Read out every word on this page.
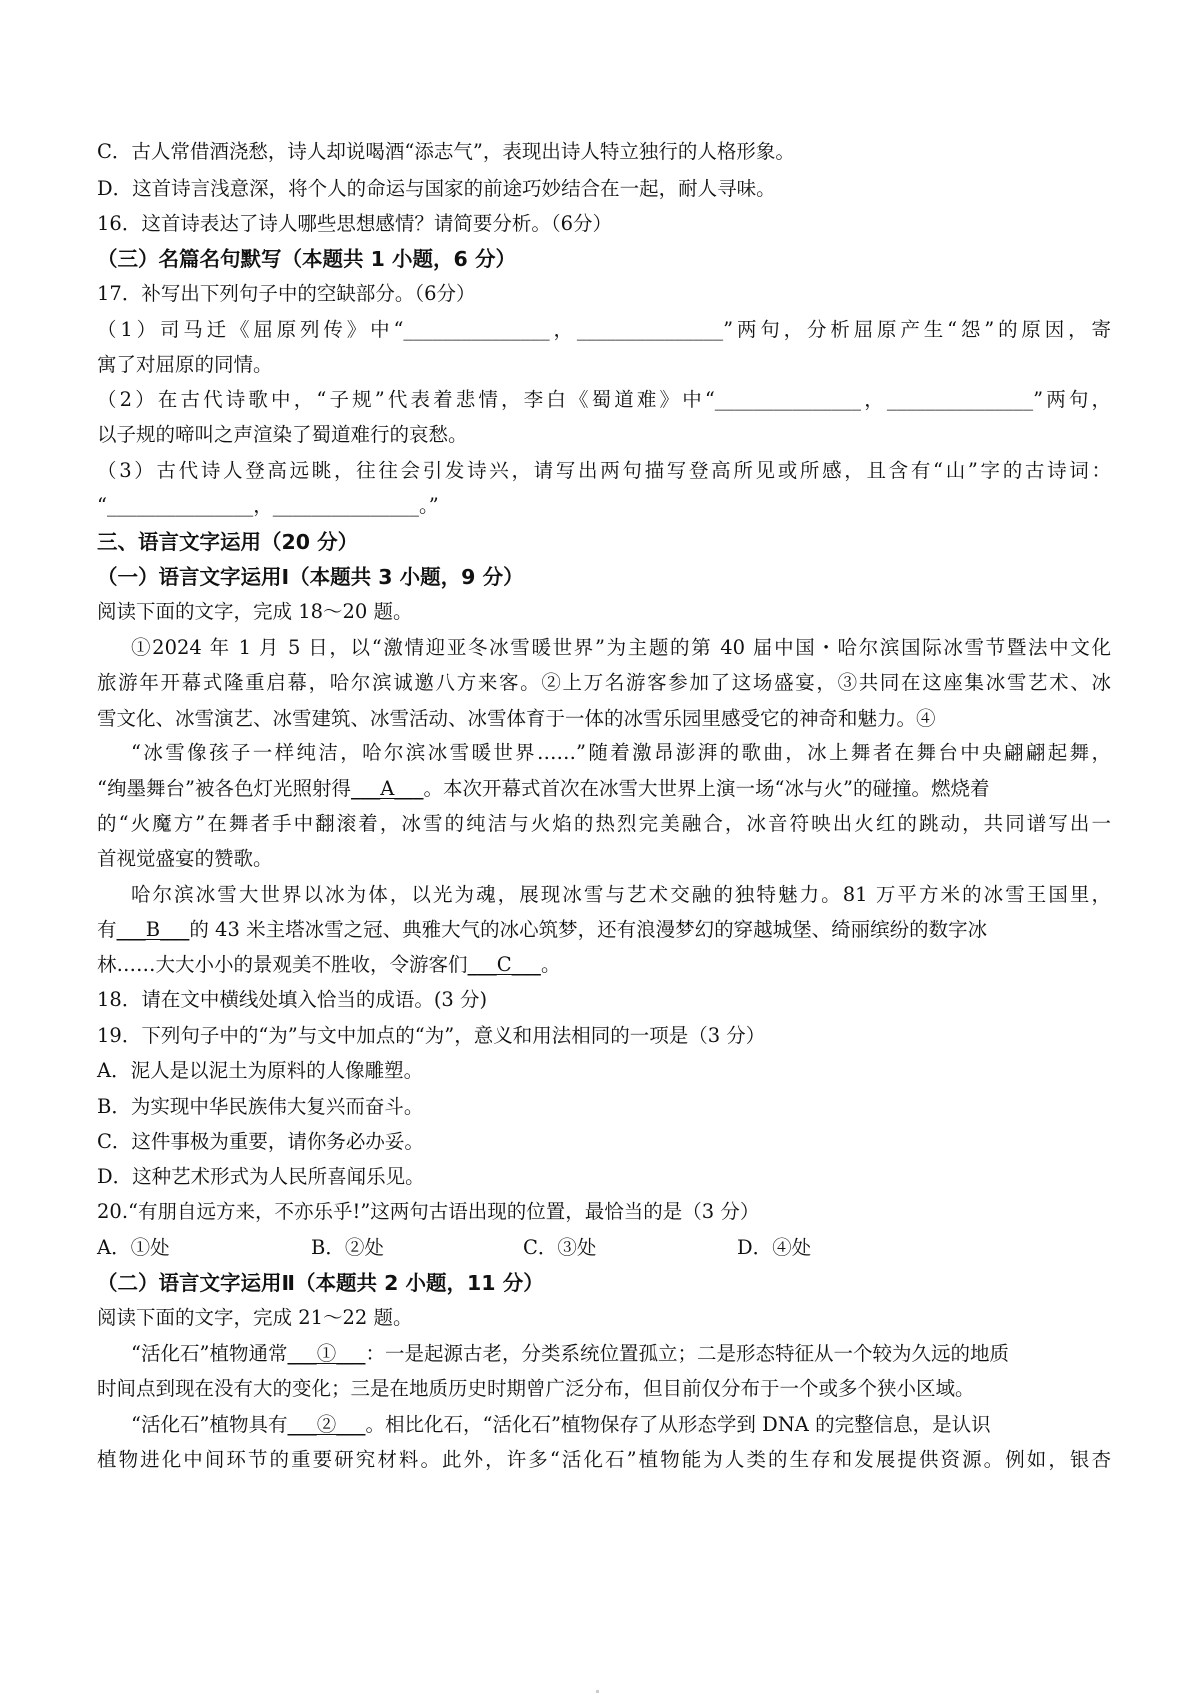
C．古人常借酒浇愁，诗人却说喝酒“添志气”，表现出诗人特立独行的人格形象。
D．这首诗言浅意深，将个人的命运与国家的前途巧妙结合在一起，耐人寻味。
16．这首诗表达了诗人哪些思想感情？请简要分析。（6分）
（三）名篇名句默写（本题共 1 小题，6 分）
17．补写出下列句子中的空缺部分。（6分）
（1）司马迁《屈原列传》中“_______________，_______________”两句，分析屈原产生“怨”的原因，寄
寓了对屈原的同情。
（2）在古代诗歌中，“子规”代表着悲情，李白《蜀道难》中“_______________，_______________”两句，
以子规的啼叫之声渲染了蜀道难行的哀愁。
（3）古代诗人登高远眺，往往会引发诗兴，请写出两句描写登高所见或所感，且含有“山”字的古诗词：
“_______________，_______________。”
三、语言文字运用（20 分）
（一）语言文字运用Ⅰ（本题共 3 小题，9 分）
阅读下面的文字，完成 18～20 题。
①2024 年 1 月 5 日，以“激情迎亚冬冰雪暖世界”为主题的第 40 届中国・哈尔滨国际冰雪节暨法中文化
旅游年开幕式隆重启幕，哈尔滨诚邀八方来客。②上万名游客参加了这场盛宴，③共同在这座集冰雪艺术、冰
雪文化、冰雪演艺、冰雪建筑、冰雪活动、冰雪体育于一体的冰雪乐园里感受它的神奇和魅力。④
“冰雪像孩子一样纯洁，哈尔滨冰雪暖世界……”随着激昂澎湃的歌曲，冰上舞者在舞台中央翩翩起舞，
“绚墨舞台”被各色灯光照射得___A___。本次开幕式首次在冰雪大世界上演一场“冰与火”的碰撞。燃烧着
的“火魔方”在舞者手中翻滚着，冰雪的纯洁与火焰的热烈完美融合，冰音符映出火红的跳动，共同谱写出一
首视觉盛宴的赞歌。
哈尔滨冰雪大世界以冰为体，以光为魂，展现冰雪与艺术交融的独特魅力。81 万平方米的冰雪王国里，
有___B___的 43 米主塔冰雪之冠、典雅大气的冰心筑梦，还有浪漫梦幻的穿越城堡、绮丽缤纷的数字冰
林……大大小小的景观美不胜收，令游客们___C___。
18．请在文中横线处填入恰当的成语。(3 分)
19．下列句子中的“为”与文中加点的“为”，意义和用法相同的一项是（3 分）
A．泥人是以泥土为原料的人像雕塑。
B．为实现中华民族伟大复兴而奋斗。
C．这件事极为重要，请你务必办妥。
D．这种艺术形式为人民所喜闻乐见。
20.“有朋自远方来，不亦乐乎!”这两句古语出现的位置，最恰当的是（3 分）
A．①处	B．②处	C．③处	D．④处
（二）语言文字运用Ⅱ（本题共 2 小题，11 分）
阅读下面的文字，完成 21～22 题。
“活化石”植物通常___①___：一是起源古老，分类系统位置孤立；二是形态特征从一个较为久远的地质
时间点到现在没有大的变化；三是在地质历史时期曾广泛分布，但目前仅分布于一个或多个狭小区域。
“活化石”植物具有___②___。相比化石，“活化石”植物保存了从形态学到 DNA 的完整信息，是认识
植物进化中间环节的重要研究材料。此外，许多“活化石”植物能为人类的生存和发展提供资源。例如，银杏
